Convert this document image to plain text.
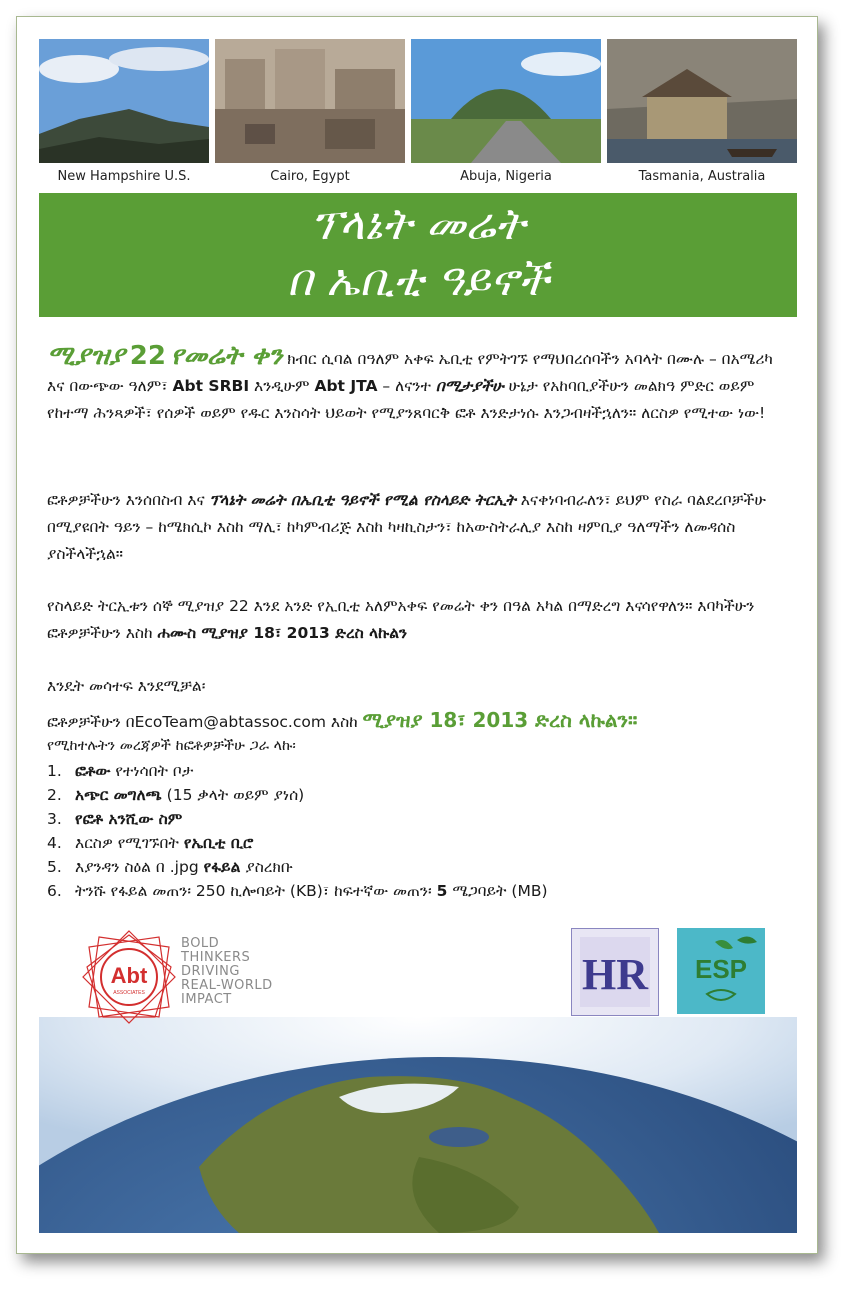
New Hampshire U.S.	Cairo, Egypt	Abuja, Nigeria	Tasmania, Australia
ፕላኔት መሬት
በ ኤቢቲ ዓይኖች
ሚያዝያ 22 የመሬት ቀን ክብር ሲባል በዓለም አቀፍ ኤቢቲ የምትገኙ የማህበረሰባችን አባላት በሙሉ – በአሜሪካ እና በውጭው ዓለም፣ Abt SRBI እንዲሁም Abt JTA – ለናንተ በሚታያችሁ ሁኔታ የአከባቢያችሁን መልክዓ ምድር ወይም የከተማ ሕንጻዎች፣ የሰዎች ወይም የዱር እንስሳት ህይወት የሚያንጸባርቅ ፎቶ እንድታነሱ እንጋብዛችኋለን። ለርስዎ የሚተው ነው!
ፎቶዎቻችሁን እንሰበስብ እና ፕላኔት መሬት በኤቢቲ ዓይኖች የሚል የስላይድ ትርኢት እናቀነባብራለን፣ ይህም የስራ ባልደረቦቻችሁ በሚያዩበት ዓይን – ከሜክሲኮ እስከ ማሊ፣ ከካምብሪጅ እስከ ካዛኪስታን፣ ከአውስትራሊያ እስከ ዛምቢያ ዓለማችን ለመዳሰስ ያስችላችኋል።
የስላይድ ትርኢቱን ሰኞ ሚያዝያ 22 እንደ አንድ የኢቢቲ አለምአቀፍ የመሬት ቀን በዓል አካል በማድረግ እናሳየዋለን። እባካችሁን ፎቶዎቻችሁን እስከ ሐሙስ ሚያዝያ 18፣ 2013 ድረስ ላኩልን
እንዴት መሳተፍ እንደሚቻል፡
ፎቶዎቻችሁን በEcoTeam@abtassoc.com እስከ ሚያዝያ 18፣ 2013 ድረስ ላኩልን።
የሚከተሉትን መረጃዎች ከፎቶዎቻችሁ ጋራ ላኩ፡
1. ፎቶው የተነሳበት ቦታ
2. አጭር መግለጫ (15 ቃላት ወይም ያነሰ)
3. የፎቶ አንሺው ስም
4. እርስዎ የሚገኙበት የኤቢቲ ቢሮ
5. እያንዳን ስዕል በ .jpg የፋይል ያስረክቡ
6. ትንሹ የፋይል መጠን፡ 250 ኪሎባይት (KB)፣ ከፍተኛው መጠን፡ 5 ሜጋባይት (MB)
Abt
ASSOCIATES
BOLD
THINKERS
DRIVING
REAL-WORLD
IMPACT
HR ESP
